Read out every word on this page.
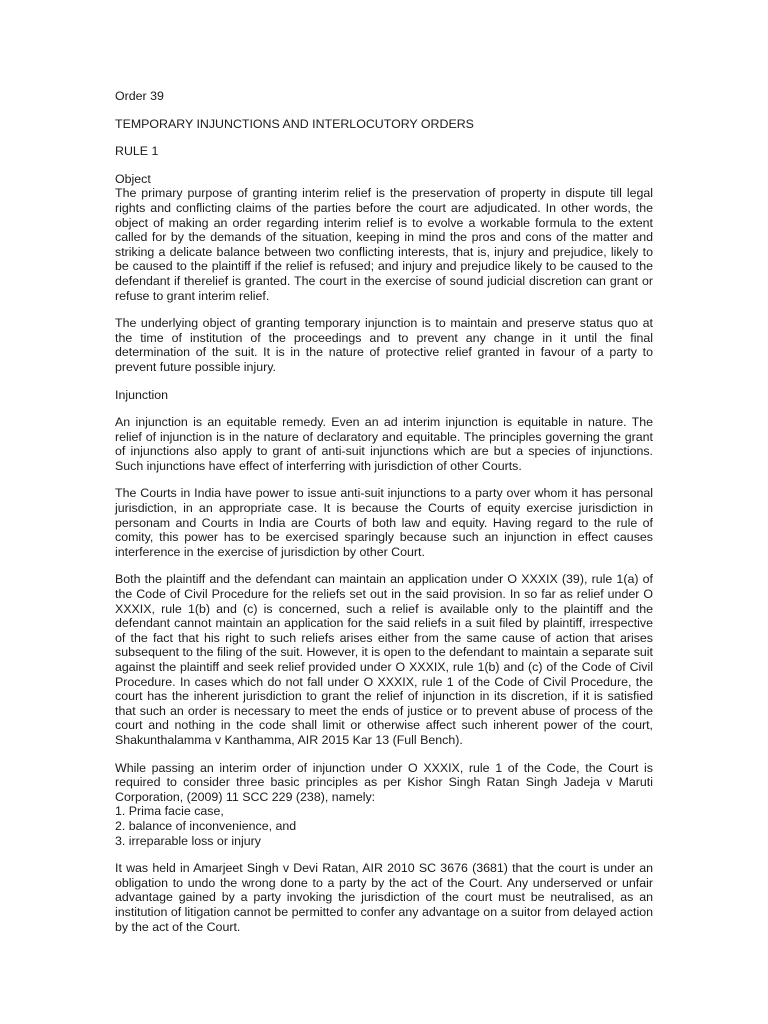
Order 39

TEMPORARY INJUNCTIONS AND INTERLOCUTORY ORDERS

RULE 1

Object

The primary purpose of granting interim relief is the preservation of property in dispute till legal rights and conflicting claims of the parties before the court are adjudicated. In other words, the object of making an order regarding interim relief is to evolve a workable formula to the extent called for by the demands of the situation, keeping in mind the pros and cons of the matter and striking a delicate balance between two conflicting interests, that is, injury and prejudice, likely to be caused to the plaintiff if the relief is refused; and injury and prejudice likely to be caused to the defendant if therelief is granted. The court in the exercise of sound judicial discretion can grant or refuse to grant interim relief.

The underlying object of granting temporary injunction is to maintain and preserve status quo at the time of institution of the proceedings and to prevent any change in it until the final determination of the suit. It is in the nature of protective relief granted in favour of a party to prevent future possible injury.

Injunction

An injunction is an equitable remedy. Even an ad interim injunction is equitable in nature. The relief of injunction is in the nature of declaratory and equitable. The principles governing the grant of injunctions also apply to grant of anti-suit injunctions which are but a species of injunctions. Such injunctions have effect of interferring with jurisdiction of other Courts.

The Courts in India have power to issue anti-suit injunctions to a party over whom it has personal jurisdiction, in an appropriate case. It is because the Courts of equity exercise jurisdiction in personam and Courts in India are Courts of both law and equity. Having regard to the rule of comity, this power has to be exercised sparingly because such an injunction in effect causes interference in the exercise of jurisdiction by other Court.

Both the plaintiff and the defendant can maintain an application under O XXXIX (39), rule 1(a) of the Code of Civil Procedure for the reliefs set out in the said provision. In so far as relief under O XXXIX, rule 1(b) and (c) is concerned, such a relief is available only to the plaintiff and the defendant cannot maintain an application for the said reliefs in a suit filed by plaintiff, irrespective of the fact that his right to such reliefs arises either from the same cause of action that arises subsequent to the filing of the suit. However, it is open to the defendant to maintain a separate suit against the plaintiff and seek relief provided under O XXXIX, rule 1(b) and (c) of the Code of Civil Procedure. In cases which do not fall under O XXXIX, rule 1 of the Code of Civil Procedure, the court has the inherent jurisdiction to grant the relief of injunction in its discretion, if it is satisfied that such an order is necessary to meet the ends of justice or to prevent abuse of process of the court and nothing in the code shall limit or otherwise affect such inherent power of the court, Shakunthalamma v Kanthamma, AIR 2015 Kar 13 (Full Bench).

While passing an interim order of injunction under O XXXIX, rule 1 of the Code, the Court is required to consider three basic principles as per Kishor Singh Ratan Singh Jadeja v Maruti Corporation, (2009) 11 SCC 229 (238), namely:

1. Prima facie case,
2. balance of inconvenience, and
3. irreparable loss or injury

It was held in Amarjeet Singh v Devi Ratan, AIR 2010 SC 3676 (3681) that the court is under an obligation to undo the wrong done to a party by the act of the Court. Any underserved or unfair advantage gained by a party invoking the jurisdiction of the court must be neutralised, as an institution of litigation cannot be permitted to confer any advantage on a suitor from delayed action by the act of the Court.
